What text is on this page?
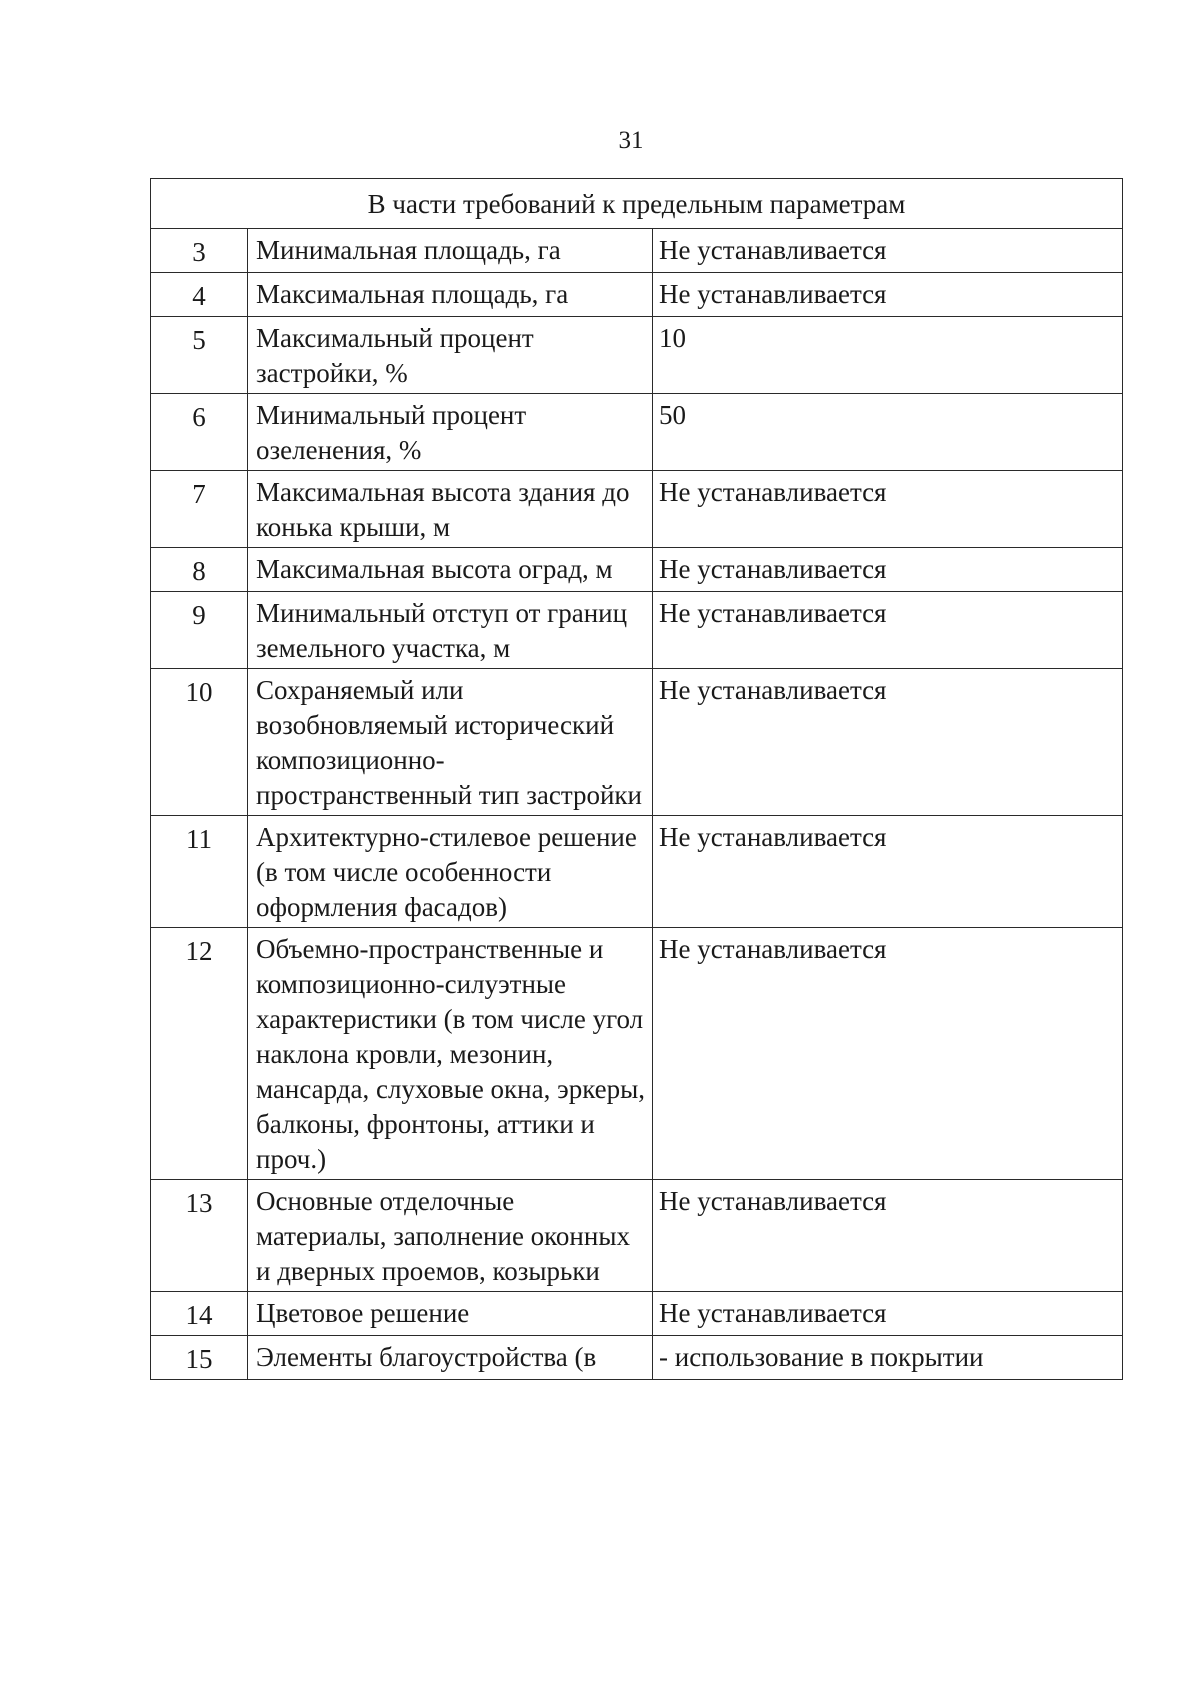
31
В части требований к предельным параметрам		
3	Минимальная площадь, га	Не устанавливается
4	Максимальная площадь, га	Не устанавливается
5	Максимальный процент застройки, %	10
6	Минимальный процент озеленения, %	50
7	Максимальная высота здания до конька крыши, м	Не устанавливается
8	Максимальная высота оград, м	Не устанавливается
9	Минимальный отступ от границ земельного участка, м	Не устанавливается
10	Сохраняемый или возобновляемый исторический композиционно-пространственный тип застройки	Не устанавливается
11	Архитектурно-стилевое решение (в том числе особенности оформления фасадов)	Не устанавливается
12	Объемно-пространственные и композиционно-силуэтные характеристики (в том числе угол наклона кровли, мезонин, мансарда, слуховые окна, эркеры, балконы, фронтоны, аттики и проч.)	Не устанавливается
13	Основные отделочные материалы, заполнение оконных и дверных проемов, козырьки	Не устанавливается
14	Цветовое решение	Не устанавливается
15	Элементы благоустройства (в	- использование в покрытии
